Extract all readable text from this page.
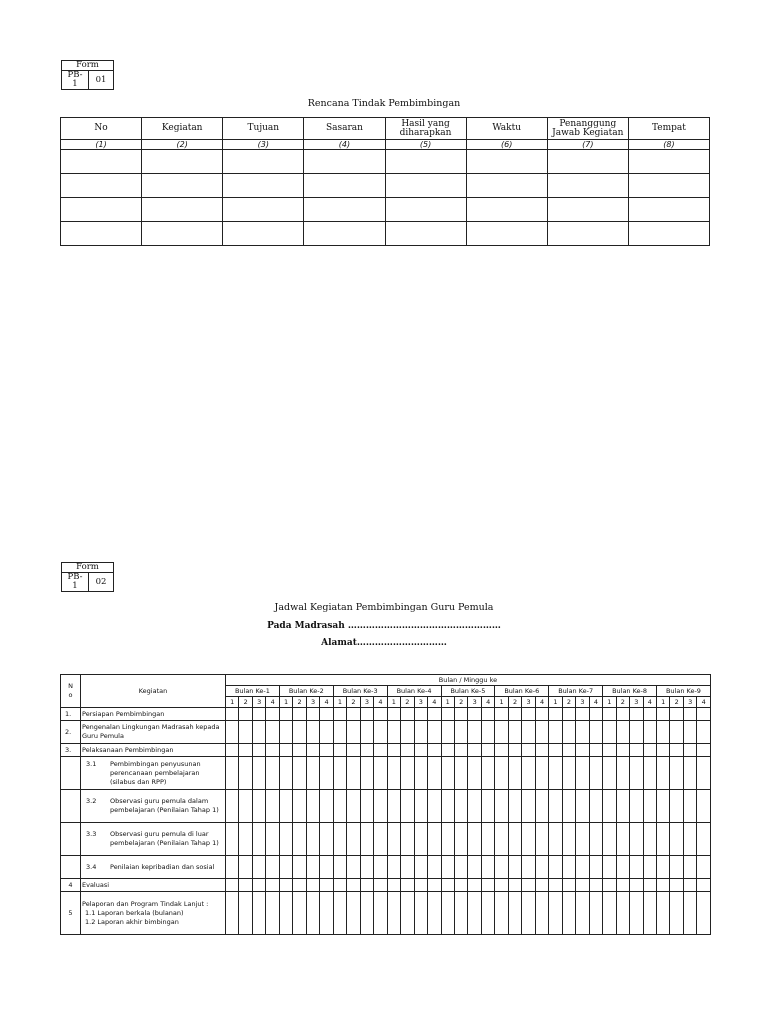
Form
PB-1	01
Rencana Tindak Pembimbingan
No	Kegiatan	Tujuan	Sasaran	Hasil yang diharapkan	Waktu	Penanggung Jawab Kegiatan	Tempat
(1)	(2)	(3)	(4)	(5)	(6)	(7)	(8)

Form
PB-1	02
Jadwal Kegiatan Pembimbingan Guru Pemula
Pada Madrasah ……………………………………………
Alamat…………………………
N o	Kegiatan	Bulan / Minggu ke																																			
		Bulan Ke-1				Bulan Ke-2				Bulan Ke-3				Bulan Ke-4				Bulan Ke-5				Bulan Ke-6				Bulan Ke-7				Bulan Ke-8				Bulan Ke-9			
		1	2	3	4	1	2	3	4	1	2	3	4	1	2	3	4	1	2	3	4	1	2	3	4	1	2	3	4	1	2	3	4	1	2	3	4
1.	Persiapan Pembimbingan																																				

2.	Pengenalan Lingkungan Madrasah kepada Guru Pemula																																				

3.	Pelaksanaan Pembimbingan																																				

	3.1 Pembimbingan penyusunan perencanaan pembelajaran (silabus dan RPP)																																				

	3.2 Observasi guru pemula dalam pembelajaran (Penilaian Tahap 1)																																				

	3.3 Observasi guru pemula di luar pembelajaran (Penilaian Tahap 1)																																				

	3.4 Penilaian kepribadian dan sosial																																				

4	Evaluasi																																				

5	Pelaporan dan Program Tindak Lanjut :
1.1 Laporan berkala (bulanan)
1.2 Laporan akhir bimbingan																																				
